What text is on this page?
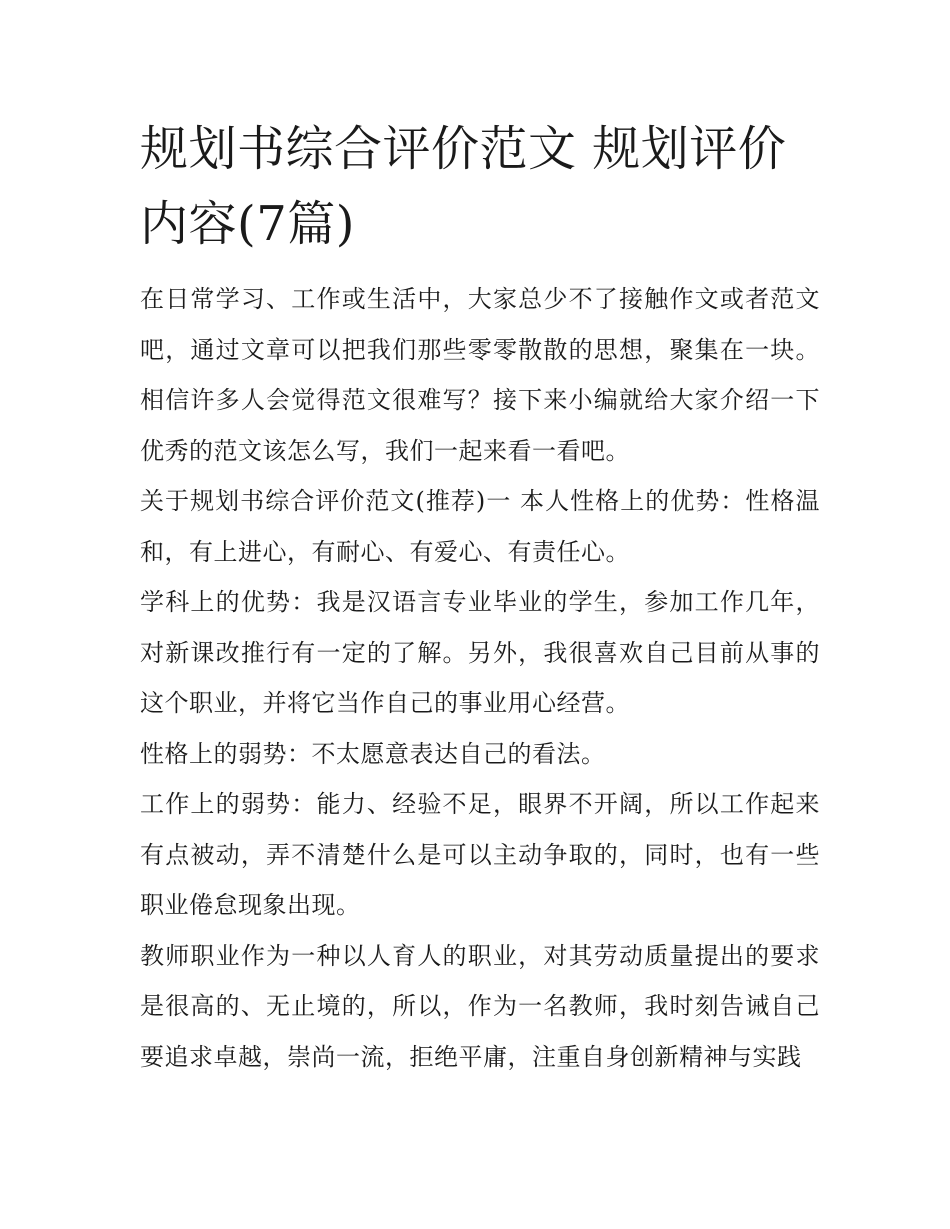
规划书综合评价范文 规划评价内容(7篇)

在日常学习、工作或生活中，大家总少不了接触作文或者范文吧，通过文章可以把我们那些零零散散的思想，聚集在一块。相信许多人会觉得范文很难写？接下来小编就给大家介绍一下优秀的范文该怎么写，我们一起来看一看吧。

关于规划书综合评价范文(推荐)一 本人性格上的优势：性格温和，有上进心，有耐心、有爱心、有责任心。

学科上的优势：我是汉语言专业毕业的学生，参加工作几年，对新课改推行有一定的了解。另外，我很喜欢自己目前从事的这个职业，并将它当作自己的事业用心经营。

性格上的弱势：不太愿意表达自己的看法。

工作上的弱势：能力、经验不足，眼界不开阔，所以工作起来有点被动，弄不清楚什么是可以主动争取的，同时，也有一些职业倦怠现象出现。

教师职业作为一种以人育人的职业，对其劳动质量提出的要求是很高的、无止境的，所以，作为一名教师，我时刻告诫自己要追求卓越，崇尚一流，拒绝平庸，注重自身创新精神与实践
